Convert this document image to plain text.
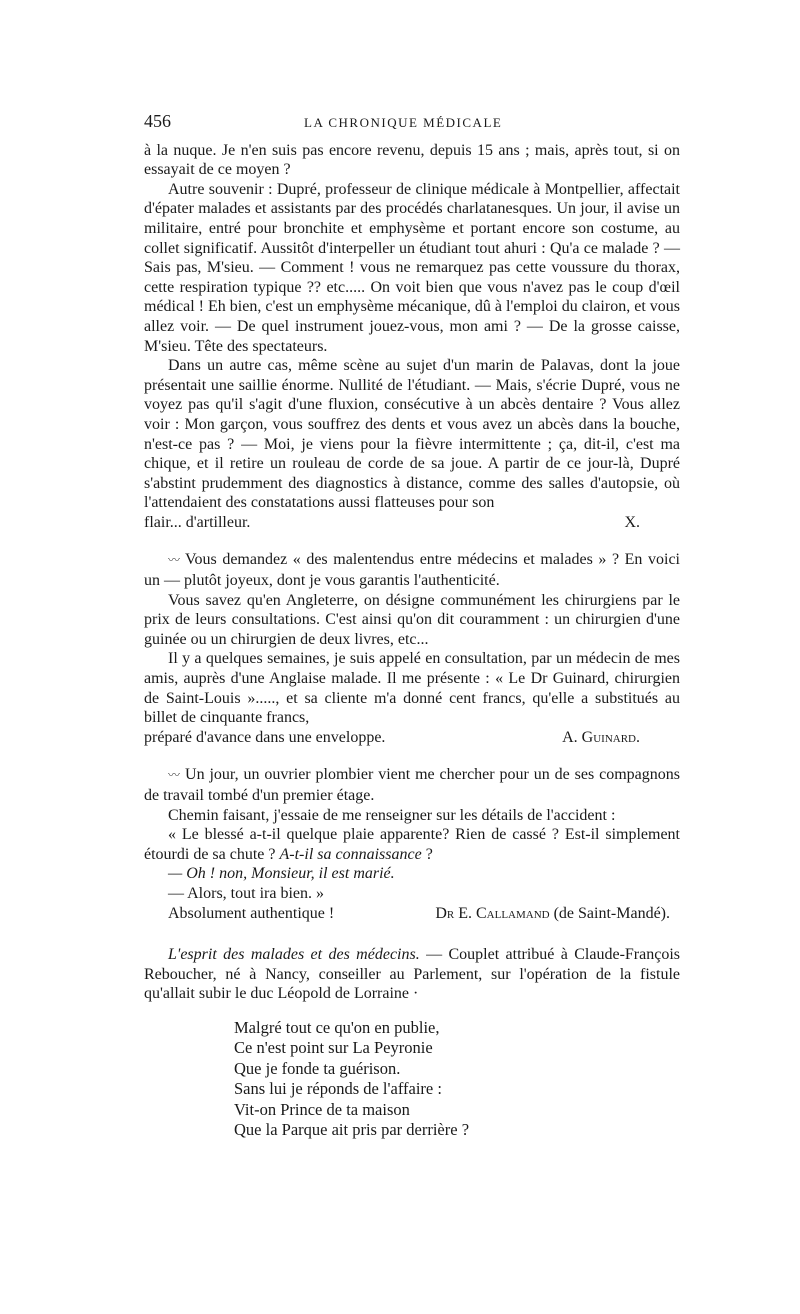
456	LA CHRONIQUE MÉDICALE

à la nuque. Je n'en suis pas encore revenu, depuis 15 ans ; mais, après tout, si on essayait de ce moyen ?

Autre souvenir : Dupré, professeur de clinique médicale à Montpellier, affectait d'épater malades et assistants par des procédés charlatanesques. Un jour, il avise un militaire, entré pour bronchite et emphysème et portant encore son costume, au collet significatif. Aussitôt d'interpeller un étudiant tout ahuri : Qu'a ce malade ? — Sais pas, M'sieu. — Comment ! vous ne remarquez pas cette voussure du thorax, cette respiration typique ?? etc..... On voit bien que vous n'avez pas le coup d'œil médical ! Eh bien, c'est un emphysème mécanique, dû à l'emploi du clairon, et vous allez voir. — De quel instrument jouez-vous, mon ami ? — De la grosse caisse, M'sieu. Tête des spectateurs.

Dans un autre cas, même scène au sujet d'un marin de Palavas, dont la joue présentait une saillie énorme. Nullité de l'étudiant. — Mais, s'écrie Dupré, vous ne voyez pas qu'il s'agit d'une fluxion, consécutive à un abcès dentaire ? Vous allez voir : Mon garçon, vous souffrez des dents et vous avez un abcès dans la bouche, n'est-ce pas ? — Moi, je viens pour la fièvre intermittente ; ça, dit-il, c'est ma chique, et il retire un rouleau de corde de sa joue. A partir de ce jour-là, Dupré s'abstint prudemment des diagnostics à distance, comme des salles d'autopsie, où l'attendaient des constatations aussi flatteuses pour son

flair... d'artilleur.	X.

〰 Vous demandez « des malentendus entre médecins et malades » ? En voici un — plutôt joyeux, dont je vous garantis l'authenticité.

Vous savez qu'en Angleterre, on désigne communément les chirurgiens par le prix de leurs consultations. C'est ainsi qu'on dit couramment : un chirurgien d'une guinée ou un chirurgien de deux livres, etc...

Il y a quelques semaines, je suis appelé en consultation, par un médecin de mes amis, auprès d'une Anglaise malade. Il me présente : « Le Dr Guinard, chirurgien de Saint-Louis »....., et sa cliente m'a donné cent francs, qu'elle a substitués au billet de cinquante francs,

préparé d'avance dans une enveloppe.	A. Guinard.

〰 Un jour, un ouvrier plombier vient me chercher pour un de ses compagnons de travail tombé d'un premier étage.

Chemin faisant, j'essaie de me renseigner sur les détails de l'accident :

« Le blessé a-t-il quelque plaie apparente? Rien de cassé ? Est-il simplement étourdi de sa chute ? A-t-il sa connaissance ?

— Oh ! non, Monsieur, il est marié.

— Alors, tout ira bien. »

Absolument authentique !	Dr E. Callamand (de Saint-Mandé).

L'esprit des malades et des médecins. — Couplet attribué à Claude-François Reboucher, né à Nancy, conseiller au Parlement, sur l'opération de la fistule qu'allait subir le duc Léopold de Lorraine ·

Malgré tout ce qu'on en publie,
Ce n'est point sur La Peyronie
Que je fonde ta guérison.
Sans lui je réponds de l'affaire :
Vit-on Prince de ta maison
Que la Parque ait pris par derrière ?
